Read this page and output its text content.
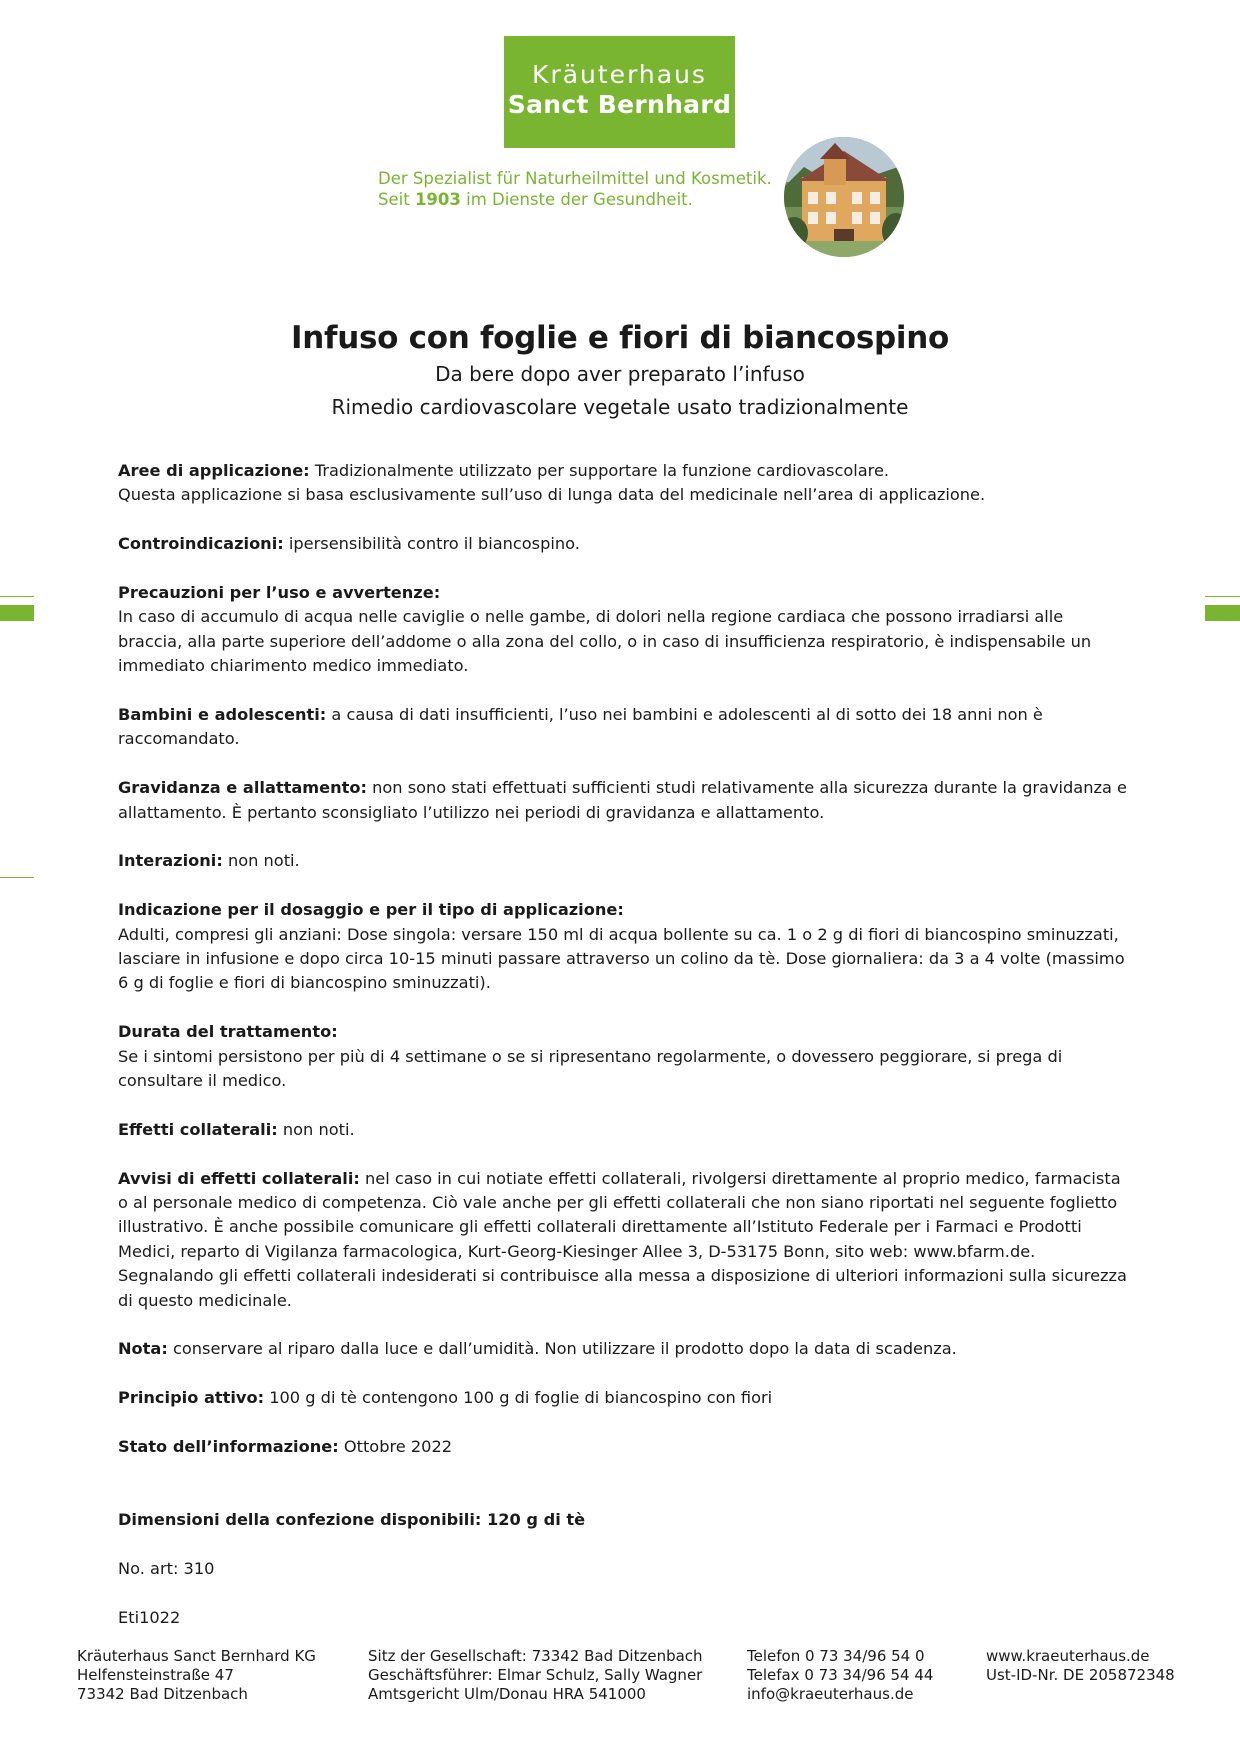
Kräuterhaus
Sanct Bernhard
Der Spezialist für Naturheilmittel und Kosmetik.
Seit 1903 im Dienste der Gesundheit.
Infuso con foglie e fiori di biancospino
Da bere dopo aver preparato l’infuso
Rimedio cardiovascolare vegetale usato tradizionalmente

Aree di applicazione: Tradizionalmente utilizzato per supportare la funzione cardiovascolare.
Questa applicazione si basa esclusivamente sull’uso di lunga data del medicinale nell’area di applicazione.

Controindicazioni: ipersensibilità contro il biancospino.

Precauzioni per l’uso e avvertenze:
In caso di accumulo di acqua nelle caviglie o nelle gambe, di dolori nella regione cardiaca che possono irradiarsi alle braccia, alla parte superiore dell’addome o alla zona del collo, o in caso di insufficienza respiratorio, è indispensabile un immediato chiarimento medico immediato.

Bambini e adolescenti: a causa di dati insufficienti, l’uso nei bambini e adolescenti al di sotto dei 18 anni non è raccomandato.

Gravidanza e allattamento: non sono stati effettuati sufficienti studi relativamente alla sicurezza durante la gravidanza e allattamento. È pertanto sconsigliato l’utilizzo nei periodi di gravidanza e allattamento.

Interazioni: non noti.

Indicazione per il dosaggio e per il tipo di applicazione:
Adulti, compresi gli anziani: Dose singola: versare 150 ml di acqua bollente su ca. 1 o 2 g di fiori di biancospino sminuzzati, lasciare in infusione e dopo circa 10-15 minuti passare attraverso un colino da tè. Dose giornaliera: da 3 a 4 volte (massimo 6 g di foglie e fiori di biancospino sminuzzati).

Durata del trattamento:
Se i sintomi persistono per più di 4 settimane o se si ripresentano regolarmente, o dovessero peggiorare, si prega di consultare il medico.

Effetti collaterali: non noti.

Avvisi di effetti collaterali: nel caso in cui notiate effetti collaterali, rivolgersi direttamente al proprio medico, farmacista o al personale medico di competenza. Ciò vale anche per gli effetti collaterali che non siano riportati nel seguente foglietto illustrativo. È anche possibile comunicare gli effetti collaterali direttamente all’Istituto Federale per i Farmaci e Prodotti Medici, reparto di Vigilanza farmacologica, Kurt-Georg-Kiesinger Allee 3, D-53175 Bonn, sito web: www.bfarm.de. Segnalando gli effetti collaterali indesiderati si contribuisce alla messa a disposizione di ulteriori informazioni sulla sicurezza di questo medicinale.

Nota: conservare al riparo dalla luce e dall’umidità. Non utilizzare il prodotto dopo la data di scadenza.

Principio attivo: 100 g di tè contengono 100 g di foglie di biancospino con fiori

Stato dell’informazione: Ottobre 2022

Dimensioni della confezione disponibili: 120 g di tè

No. art: 310

Eti1022

Kräuterhaus Sanct Bernhard KG
Helfensteinstraße 47
73342 Bad Ditzenbach
Sitz der Gesellschaft: 73342 Bad Ditzenbach
Geschäftsführer: Elmar Schulz, Sally Wagner
Amtsgericht Ulm/Donau HRA 541000
Telefon 0 73 34/96 54 0
Telefax 0 73 34/96 54 44
info@kraeuterhaus.de
www.kraeuterhaus.de
Ust-ID-Nr. DE 205872348
